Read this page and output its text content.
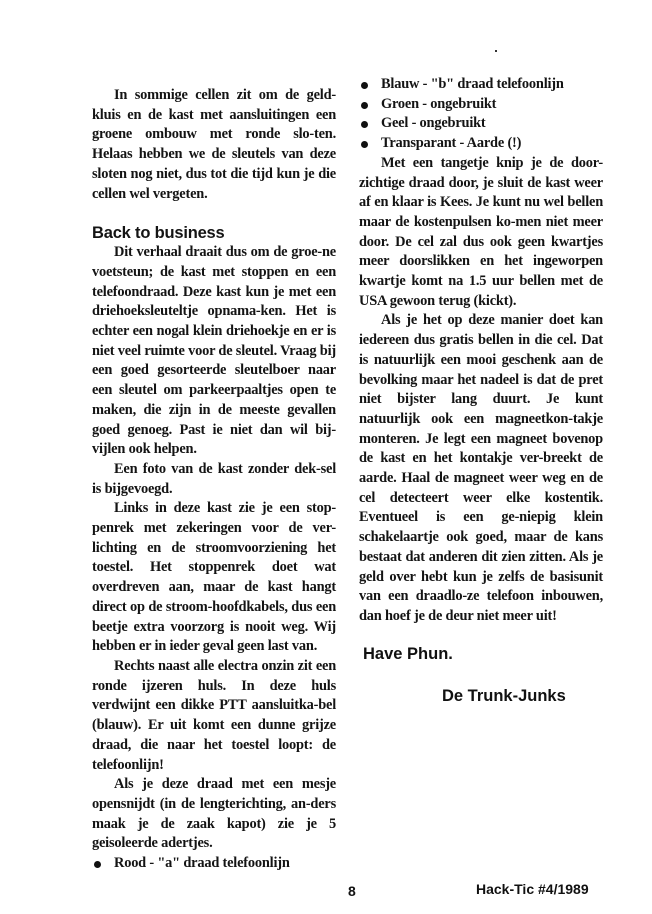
In sommige cellen zit om de geld-kluis en de kast met aansluitingen een groene ombouw met ronde slo-ten. Helaas hebben we de sleutels van deze sloten nog niet, dus tot die tijd kun je die cellen wel vergeten.

Back to business

Dit verhaal draait dus om de groe-ne voetsteun; de kast met stoppen en een telefoondraad. Deze kast kun je met een driehoeksleuteltje opnama-ken. Het is echter een nogal klein driehoekje en er is niet veel ruimte voor de sleutel. Vraag bij een goed gesorteerde sleutelboer naar een sleutel om parkeerpaaltjes open te maken, die zijn in de meeste gevallen goed genoeg. Past ie niet dan wil bij-vijlen ook helpen.

Een foto van de kast zonder dek-sel is bijgevoegd.

Links in deze kast zie je een stop-penrek met zekeringen voor de ver-lichting en de stroomvoorziening het toestel. Het stoppenrek doet wat overdreven aan, maar de kast hangt direct op de stroom-hoofdkabels, dus een beetje extra voorzorg is nooit weg. Wij hebben er in ieder geval geen last van.

Rechts naast alle electra onzin zit een ronde ijzeren huls. In deze huls verdwijnt een dikke PTT aansluitka-bel (blauw). Er uit komt een dunne grijze draad, die naar het toestel loopt: de telefoonlijn!

Als je deze draad met een mesje opensnijdt (in de lengterichting, an-ders maak je de zaak kapot) zie je 5 geisoleerde adertjes.

Rood - "a" draad telefoonlijn
Blauw - "b" draad telefoonlijn
Groen - ongebruikt
Geel - ongebruikt
Transparant - Aarde (!)

Met een tangetje knip je de door-zichtige draad door, je sluit de kast weer af en klaar is Kees. Je kunt nu wel bellen maar de kostenpulsen ko-men niet meer door. De cel zal dus ook geen kwartjes meer doorslikken en het ingeworpen kwartje komt na 1.5 uur bellen met de USA gewoon terug (kickt).

Als je het op deze manier doet kan iedereen dus gratis bellen in die cel. Dat is natuurlijk een mooi geschenk aan de bevolking maar het nadeel is dat de pret niet bijster lang duurt. Je kunt natuurlijk ook een magneetkon-takje monteren. Je legt een magneet bovenop de kast en het kontakje ver-breekt de aarde. Haal de magneet weer weg en de cel detecteert weer elke kostentik. Eventueel is een ge-niepig klein schakelaartje ook goed, maar de kans bestaat dat anderen dit zien zitten. Als je geld over hebt kun je zelfs de basisunit van een draadlo-ze telefoon inbouwen, dan hoef je de deur niet meer uit!

Have Phun.
De Trunk-Junks
8	Hack-Tic #4/1989
